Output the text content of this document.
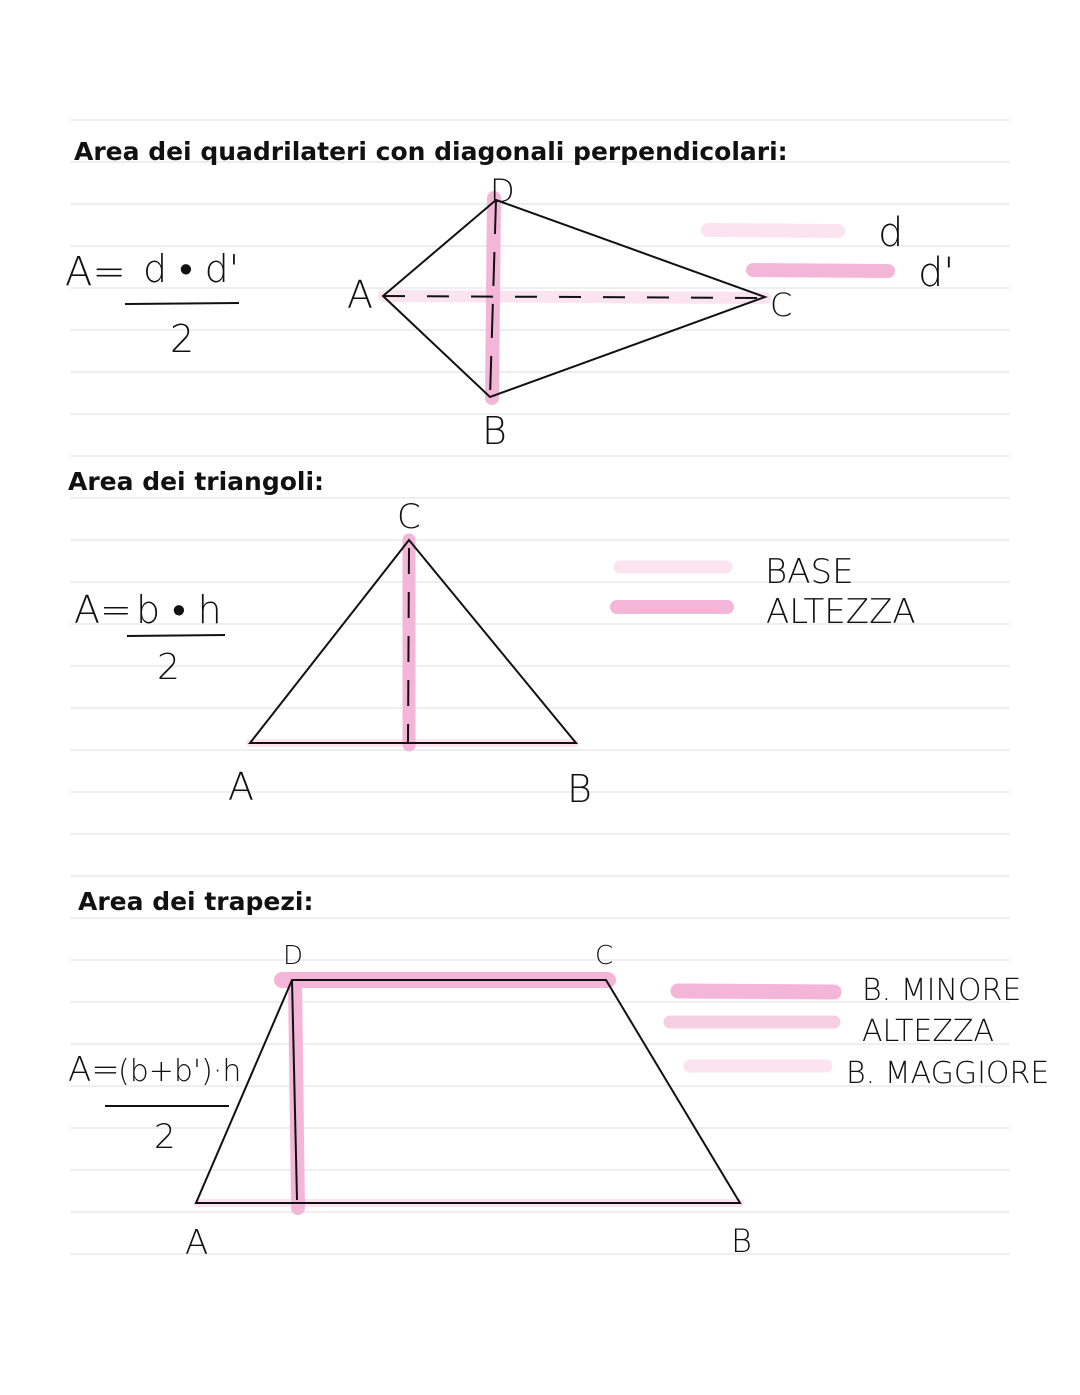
Area dei quadrilateri con diagonali perpendicolari:
A
B
C
D
A= d • d'
2
d
d'
Area dei triangoli:
A	B
C
A= b • h
2
BASE
ALTEZZA
Area dei trapezi:
A	B
C
D
A=
(b+b')·h
2
B. MINORE
ALTEZZA
B. MAGGIORE
